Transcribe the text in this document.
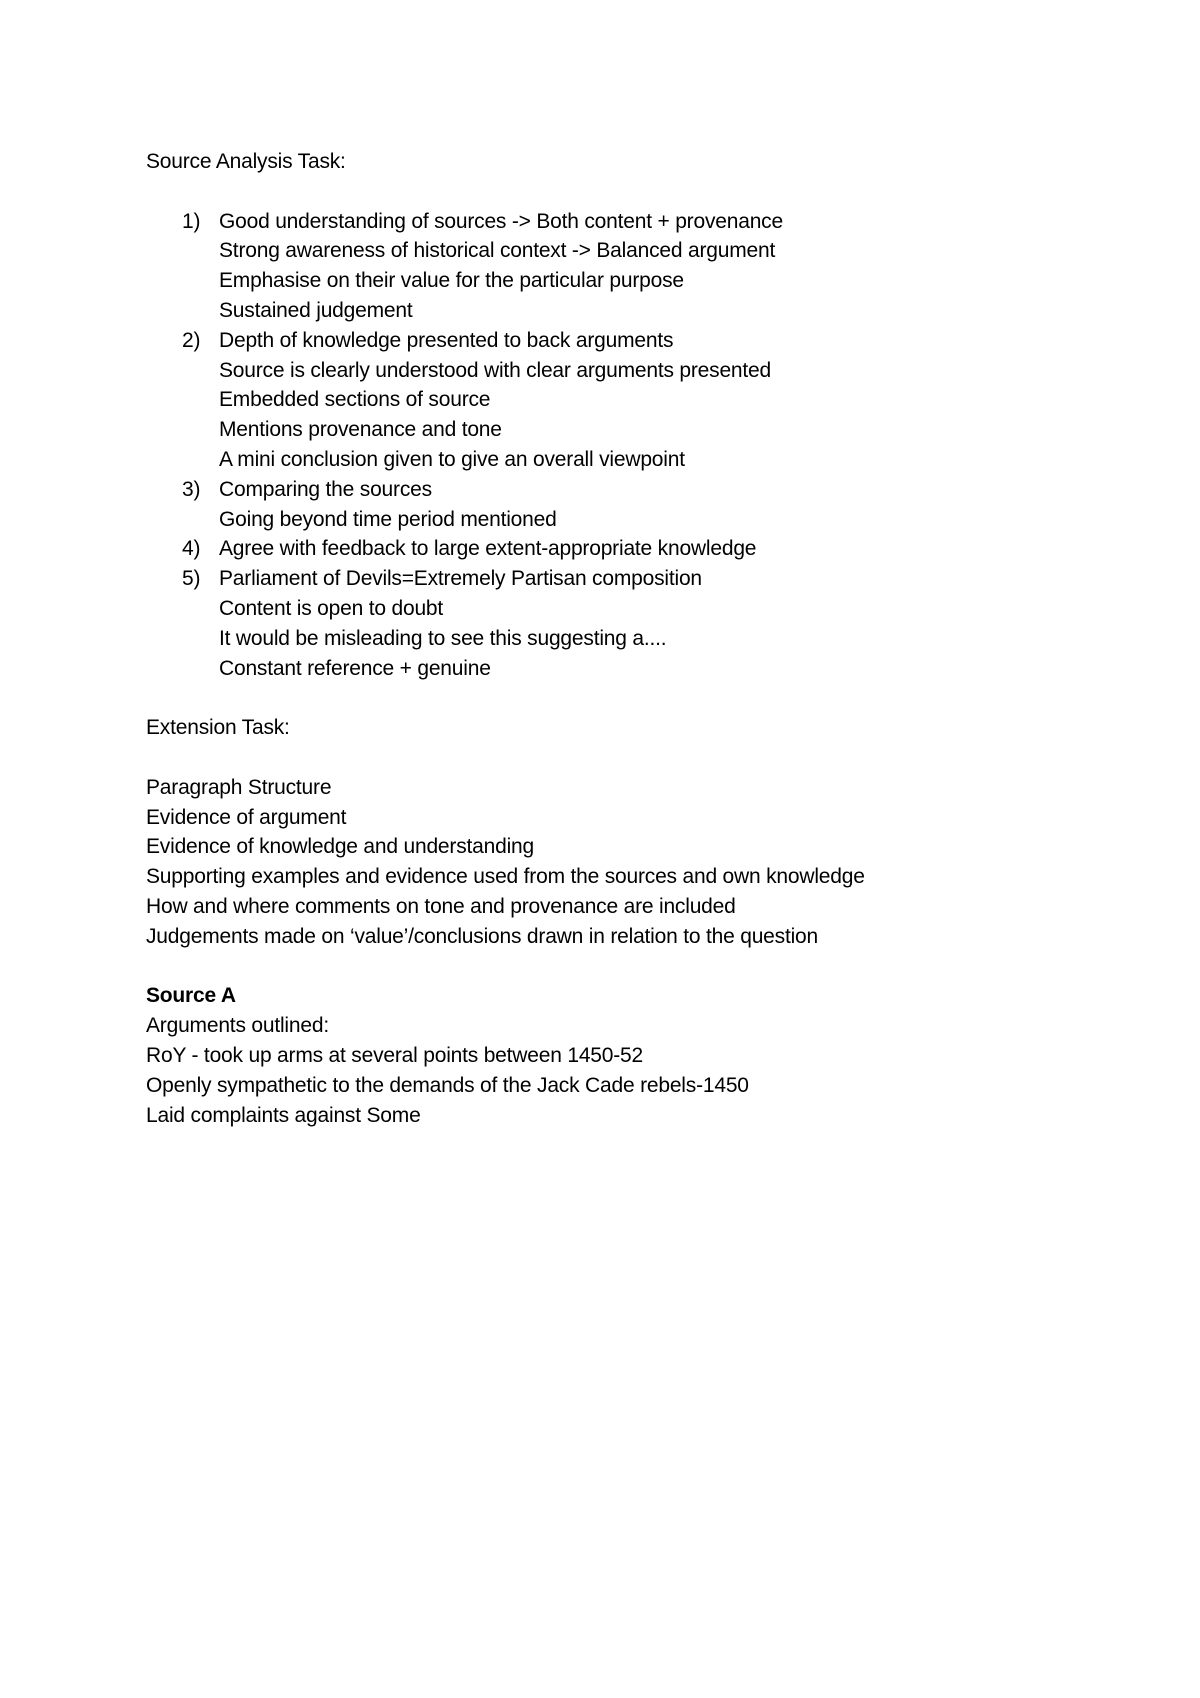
Source Analysis Task:
1) Good understanding of sources -> Both content + provenance
Strong awareness of historical context -> Balanced argument
Emphasise on their value for the particular purpose
Sustained judgement
2) Depth of knowledge presented to back arguments
Source is clearly understood with clear arguments presented
Embedded sections of source
Mentions provenance and tone
A mini conclusion given to give an overall viewpoint
3) Comparing the sources
Going beyond time period mentioned
4) Agree with feedback to large extent-appropriate knowledge
5) Parliament of Devils=Extremely Partisan composition
Content is open to doubt
It would be misleading to see this suggesting a....
Constant reference + genuine
Extension Task:
Paragraph Structure
Evidence of argument
Evidence of knowledge and understanding
Supporting examples and evidence used from the sources and own knowledge
How and where comments on tone and provenance are included
Judgements made on ‘value’/conclusions drawn in relation to the question
Source A
Arguments outlined:
RoY - took up arms at several points between 1450-52
Openly sympathetic to the demands of the Jack Cade rebels-1450
Laid complaints against Some
